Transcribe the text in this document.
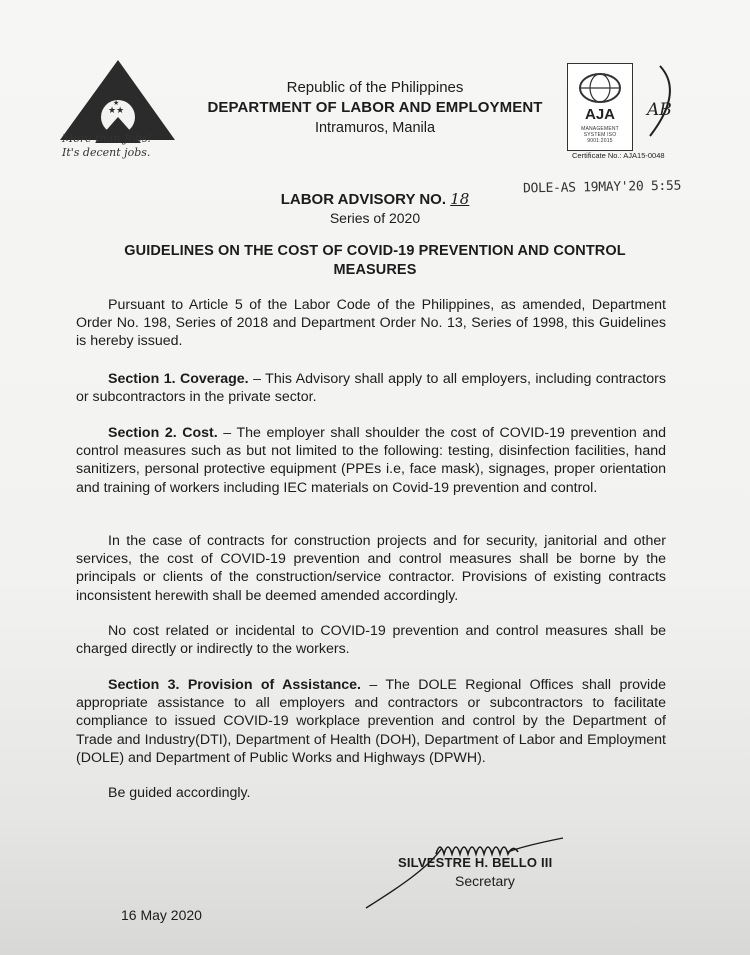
★★
★
More than Jobs!
It's decent jobs.
Republic of the Philippines
DEPARTMENT OF LABOR AND EMPLOYMENT
Intramuros, Manila
AJA
MANAGEMENT SYSTEM ISO 9001:2015
AB
Certificate No.: AJA15-0048
LABOR ADVISORY NO. 18
Series of 2020
DOLE-AS 19MAY'20 5:55
GUIDELINES ON THE COST OF COVID-19 PREVENTION AND CONTROL MEASURES
Pursuant to Article 5 of the Labor Code of the Philippines, as amended, Department Order No. 198, Series of 2018 and Department Order No. 13, Series of 1998, this Guidelines is hereby issued.
Section 1. Coverage. – This Advisory shall apply to all employers, including contractors or subcontractors in the private sector.
Section 2. Cost. – The employer shall shoulder the cost of COVID-19 prevention and control measures such as but not limited to the following: testing, disinfection facilities, hand sanitizers, personal protective equipment (PPEs i.e, face mask), signages, proper orientation and training of workers including IEC materials on Covid-19 prevention and control.
In the case of contracts for construction projects and for security, janitorial and other services, the cost of COVID-19 prevention and control measures shall be borne by the principals or clients of the construction/service contractor. Provisions of existing contracts inconsistent herewith shall be deemed amended accordingly.
No cost related or incidental to COVID-19 prevention and control measures shall be charged directly or indirectly to the workers.
Section 3. Provision of Assistance. – The DOLE Regional Offices shall provide appropriate assistance to all employers and contractors or subcontractors to facilitate compliance to issued COVID-19 workplace prevention and control by the Department of Trade and Industry(DTI), Department of Health (DOH), Department of Labor and Employment (DOLE) and Department of Public Works and Highways (DPWH).
Be guided accordingly.
SILVESTRE H. BELLO III
Secretary
16 May 2020
